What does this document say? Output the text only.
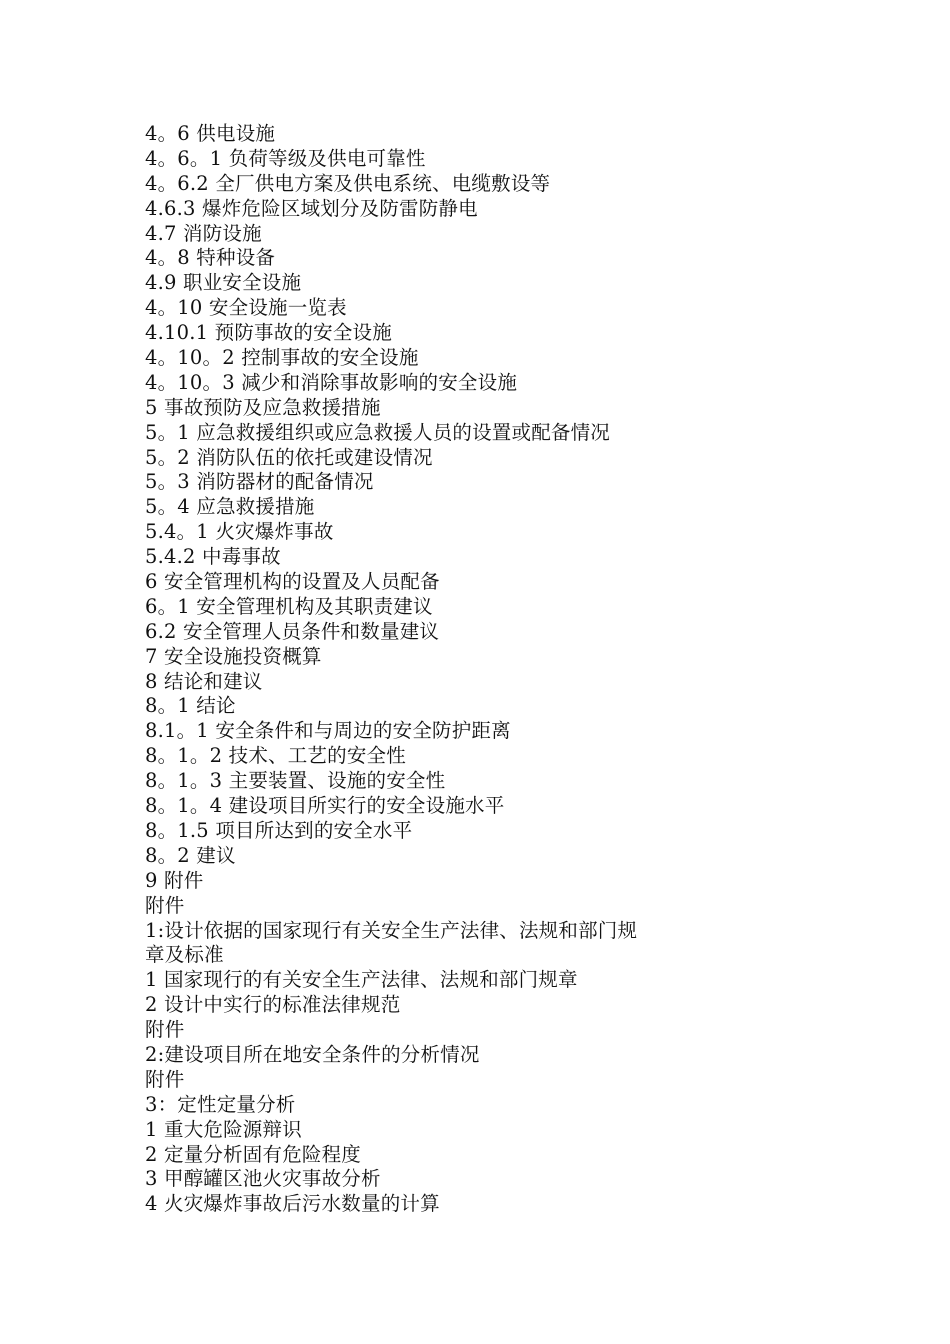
4。6 供电设施
4。6。1 负荷等级及供电可靠性
4。6.2 全厂供电方案及供电系统、电缆敷设等
4.6.3 爆炸危险区域划分及防雷防静电
4.7 消防设施
4。8 特种设备
4.9 职业安全设施
4。10 安全设施一览表
4.10.1 预防事故的安全设施
4。10。2 控制事故的安全设施
4。10。3 减少和消除事故影响的安全设施
5 事故预防及应急救援措施
5。1 应急救援组织或应急救援人员的设置或配备情况
5。2 消防队伍的依托或建设情况
5。3 消防器材的配备情况
5。4 应急救援措施
5.4。1 火灾爆炸事故
5.4.2 中毒事故
6 安全管理机构的设置及人员配备
6。1 安全管理机构及其职责建议
6.2 安全管理人员条件和数量建议
7 安全设施投资概算
8 结论和建议
8。1 结论
8.1。1 安全条件和与周边的安全防护距离
8。1。2 技术、工艺的安全性
8。1。3 主要装置、设施的安全性
8。1。4 建设项目所实行的安全设施水平
8。1.5 项目所达到的安全水平
8。2 建议
9 附件
附件
1:设计依据的国家现行有关安全生产法律、法规和部门规
章及标准
1 国家现行的有关安全生产法律、法规和部门规章
2 设计中实行的标准法律规范
附件
2:建设项目所在地安全条件的分析情况
附件
3：定性定量分析
1 重大危险源辩识
2 定量分析固有危险程度
3 甲醇罐区池火灾事故分析
4 火灾爆炸事故后污水数量的计算
